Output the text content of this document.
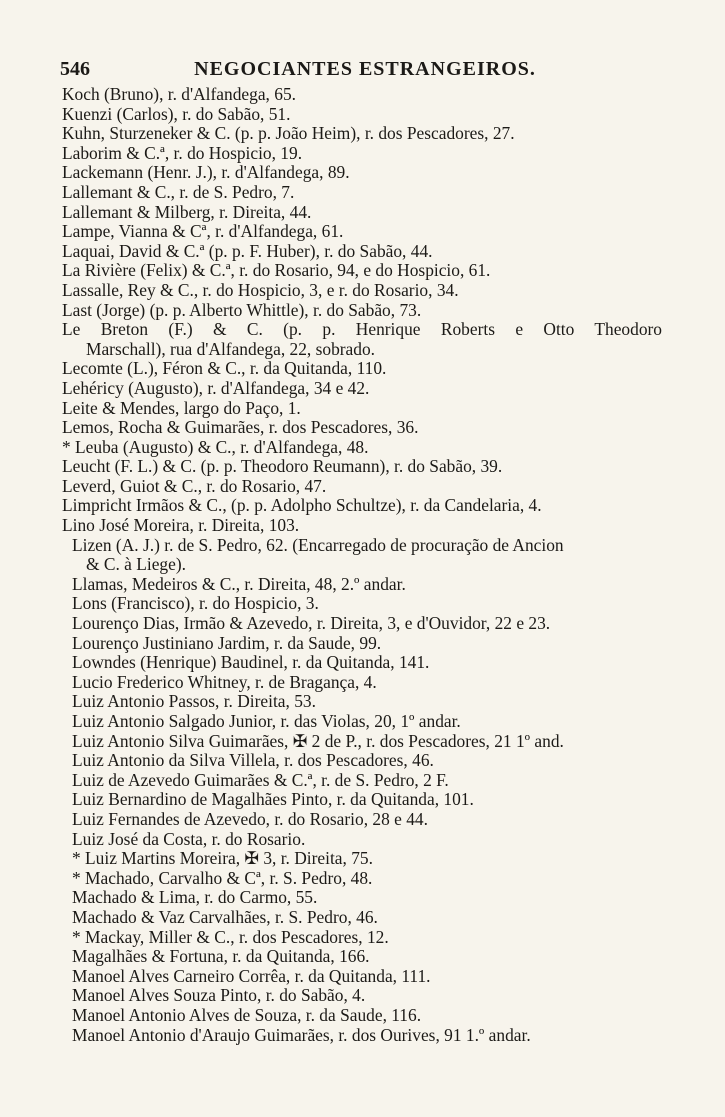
546	NEGOCIANTES ESTRANGEIROS.
Koch (Bruno), r. d'Alfandega, 65.
Kuenzi (Carlos), r. do Sabão, 51.
Kuhn, Sturzeneker & C. (p. p. João Heim), r. dos Pescadores, 27.
Laborim & C.ª, r. do Hospicio, 19.
Lackemann (Henr. J.), r. d'Alfandega, 89.
Lallemant & C., r. de S. Pedro, 7.
Lallemant & Milberg, r. Direita, 44.
Lampe, Vianna & Cª, r. d'Alfandega, 61.
Laquai, David & C.ª (p. p. F. Huber), r. do Sabão, 44.
La Rivière (Felix) & C.ª, r. do Rosario, 94, e do Hospicio, 61.
Lassalle, Rey & C., r. do Hospicio, 3, e r. do Rosario, 34.
Last (Jorge) (p. p. Alberto Whittle), r. do Sabão, 73.
Le Breton (F.) & C. (p. p. Henrique Roberts e Otto Theodoro
Marschall), rua d'Alfandega, 22, sobrado.
Lecomte (L.), Féron & C., r. da Quitanda, 110.
Lehéricy (Augusto), r. d'Alfandega, 34 e 42.
Leite & Mendes, largo do Paço, 1.
Lemos, Rocha & Guimarães, r. dos Pescadores, 36.
* Leuba (Augusto) & C., r. d'Alfandega, 48.
Leucht (F. L.) & C. (p. p. Theodoro Reumann), r. do Sabão, 39.
Leverd, Guiot & C., r. do Rosario, 47.
Limpricht Irmãos & C., (p. p. Adolpho Schultze), r. da Candelaria, 4.
Lino José Moreira, r. Direita, 103.
Lizen (A. J.) r. de S. Pedro, 62. (Encarregado de procuração de Ancion
& C. à Liege).
Llamas, Medeiros & C., r. Direita, 48, 2.º andar.
Lons (Francisco), r. do Hospicio, 3.
Lourenço Dias, Irmão & Azevedo, r. Direita, 3, e d'Ouvidor, 22 e 23.
Lourenço Justiniano Jardim, r. da Saude, 99.
Lowndes (Henrique) Baudinel, r. da Quitanda, 141.
Lucio Frederico Whitney, r. de Bragança, 4.
Luiz Antonio Passos, r. Direita, 53.
Luiz Antonio Salgado Junior, r. das Violas, 20, 1º andar.
Luiz Antonio Silva Guimarães, ✠ 2 de P., r. dos Pescadores, 21 1º and.
Luiz Antonio da Silva Villela, r. dos Pescadores, 46.
Luiz de Azevedo Guimarães & C.ª, r. de S. Pedro, 2 F.
Luiz Bernardino de Magalhães Pinto, r. da Quitanda, 101.
Luiz Fernandes de Azevedo, r. do Rosario, 28 e 44.
Luiz José da Costa, r. do Rosario.
* Luiz Martins Moreira, ✠ 3, r. Direita, 75.
* Machado, Carvalho & Cª, r. S. Pedro, 48.
Machado & Lima, r. do Carmo, 55.
Machado & Vaz Carvalhães, r. S. Pedro, 46.
* Mackay, Miller & C., r. dos Pescadores, 12.
Magalhães & Fortuna, r. da Quitanda, 166.
Manoel Alves Carneiro Corrêa, r. da Quitanda, 111.
Manoel Alves Souza Pinto, r. do Sabão, 4.
Manoel Antonio Alves de Souza, r. da Saude, 116.
Manoel Antonio d'Araujo Guimarães, r. dos Ourives, 91 1.º andar.
